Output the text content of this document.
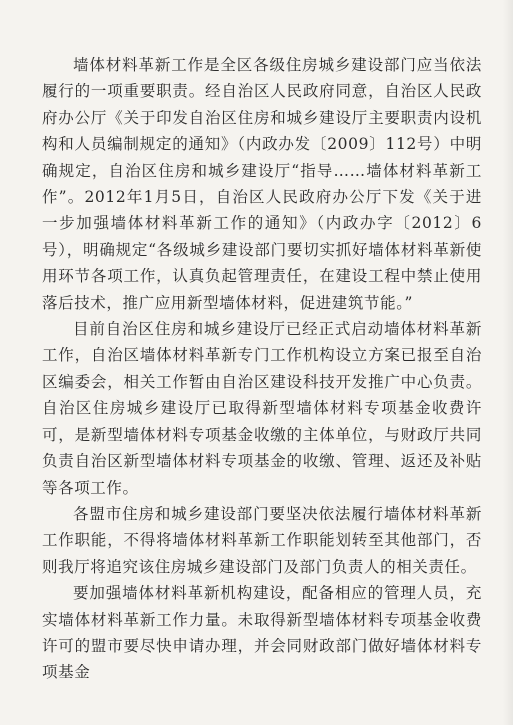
墙体材料革新工作是全区各级住房城乡建设部门应当依法履行的一项重要职责。经自治区人民政府同意，自治区人民政府办公厅《关于印发自治区住房和城乡建设厅主要职责内设机构和人员编制规定的通知》（内政办发〔2009〕112号）中明确规定，自治区住房和城乡建设厅“指导……墙体材料革新工作”。2012年1月5日，自治区人民政府办公厅下发《关于进一步加强墙体材料革新工作的通知》（内政办字〔2012〕6号），明确规定“各级城乡建设部门要切实抓好墙体材料革新使用环节各项工作，认真负起管理责任，在建设工程中禁止使用落后技术，推广应用新型墙体材料，促进建筑节能。”

目前自治区住房和城乡建设厅已经正式启动墙体材料革新工作，自治区墙体材料革新专门工作机构设立方案已报至自治区编委会，相关工作暂由自治区建设科技开发推广中心负责。自治区住房城乡建设厅已取得新型墙体材料专项基金收费许可，是新型墙体材料专项基金收缴的主体单位，与财政厅共同负责自治区新型墙体材料专项基金的收缴、管理、返还及补贴等各项工作。

各盟市住房和城乡建设部门要坚决依法履行墙体材料革新工作职能，不得将墙体材料革新工作职能划转至其他部门，否则我厅将追究该住房城乡建设部门及部门负责人的相关责任。

要加强墙体材料革新机构建设，配备相应的管理人员，充实墙体材料革新工作力量。未取得新型墙体材料专项基金收费许可的盟市要尽快申请办理，并会同财政部门做好墙体材料专项基金
